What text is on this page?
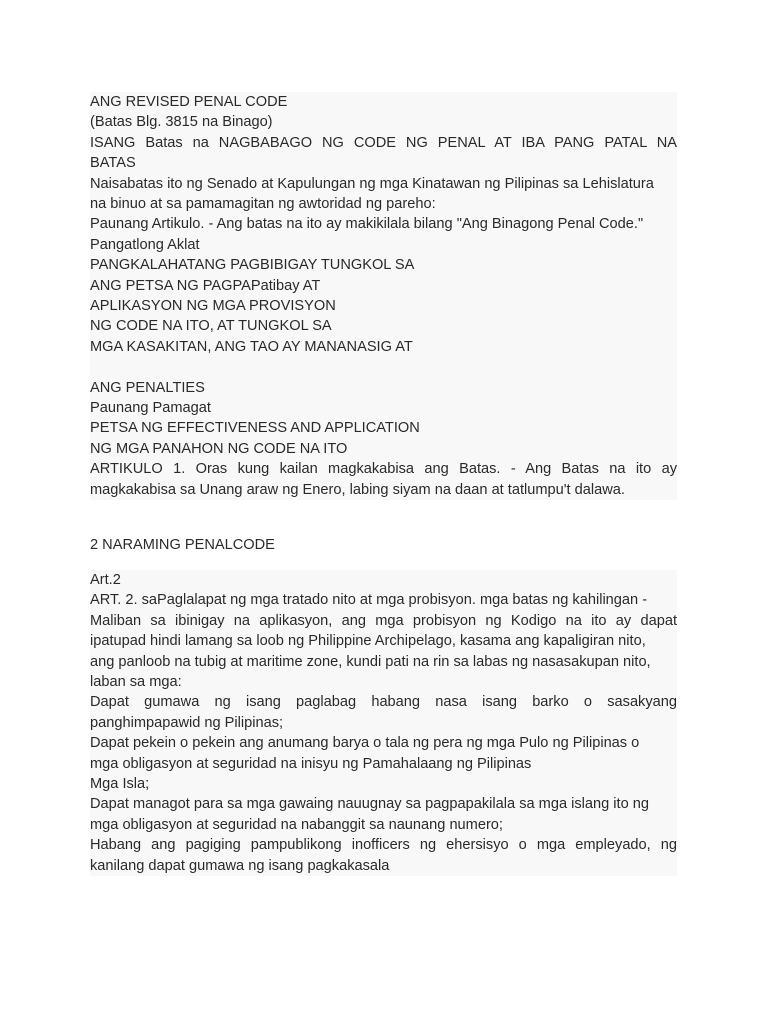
ANG REVISED PENAL CODE
(Batas Blg. 3815 na Binago)
ISANG Batas na NAGBABAGO NG CODE NG PENAL AT IBA PANG PATAL NA
BATAS
Naisabatas ito ng Senado at Kapulungan ng mga Kinatawan ng Pilipinas sa Lehislatura
na binuo at sa pamamagitan ng awtoridad ng pareho:
Paunang Artikulo. - Ang batas na ito ay makikilala bilang "Ang Binagong Penal Code."
Pangatlong Aklat
PANGKALAHATANG PAGBIBIGAY TUNGKOL SA
ANG PETSA NG PAGPAPatibay AT
APLIKASYON NG MGA PROVISYON
NG CODE NA ITO, AT TUNGKOL SA
MGA KASAKITAN, ANG TAO AY MANANASIG AT
ANG PENALTIES
Paunang Pamagat
PETSA NG EFFECTIVENESS AND APPLICATION
NG MGA PANAHON NG CODE NA ITO
ARTIKULO 1. Oras kung kailan magkakabisa ang Batas. - Ang Batas na ito ay
magkakabisa sa Unang araw ng Enero, labing siyam na daan at tatlumpu't dalawa.
2 NARAMING PENALCODE
Art.2
ART. 2. saPaglalapat ng mga tratado nito at mga probisyon. mga batas ng kahilingan -
Maliban sa ibinigay na aplikasyon, ang mga probisyon ng Kodigo na ito ay dapat
ipatupad hindi lamang sa loob ng Philippine Archipelago, kasama ang kapaligiran nito,
ang panloob na tubig at maritime zone, kundi pati na rin sa labas ng nasasakupan nito,
laban sa mga:
Dapat gumawa ng isang paglabag habang nasa isang barko o sasakyang
panghimpapawid ng Pilipinas;
Dapat pekein o pekein ang anumang barya o tala ng pera ng mga Pulo ng Pilipinas o
mga obligasyon at seguridad na inisyu ng Pamahalaang ng Pilipinas
Mga Isla;
Dapat managot para sa mga gawaing nauugnay sa pagpapakilala sa mga islang ito ng
mga obligasyon at seguridad na nabanggit sa naunang numero;
Habang ang pagiging pampublikong inofficers ng ehersisyo o mga empleyado, ng
kanilang dapat gumawa ng isang pagkakasala
